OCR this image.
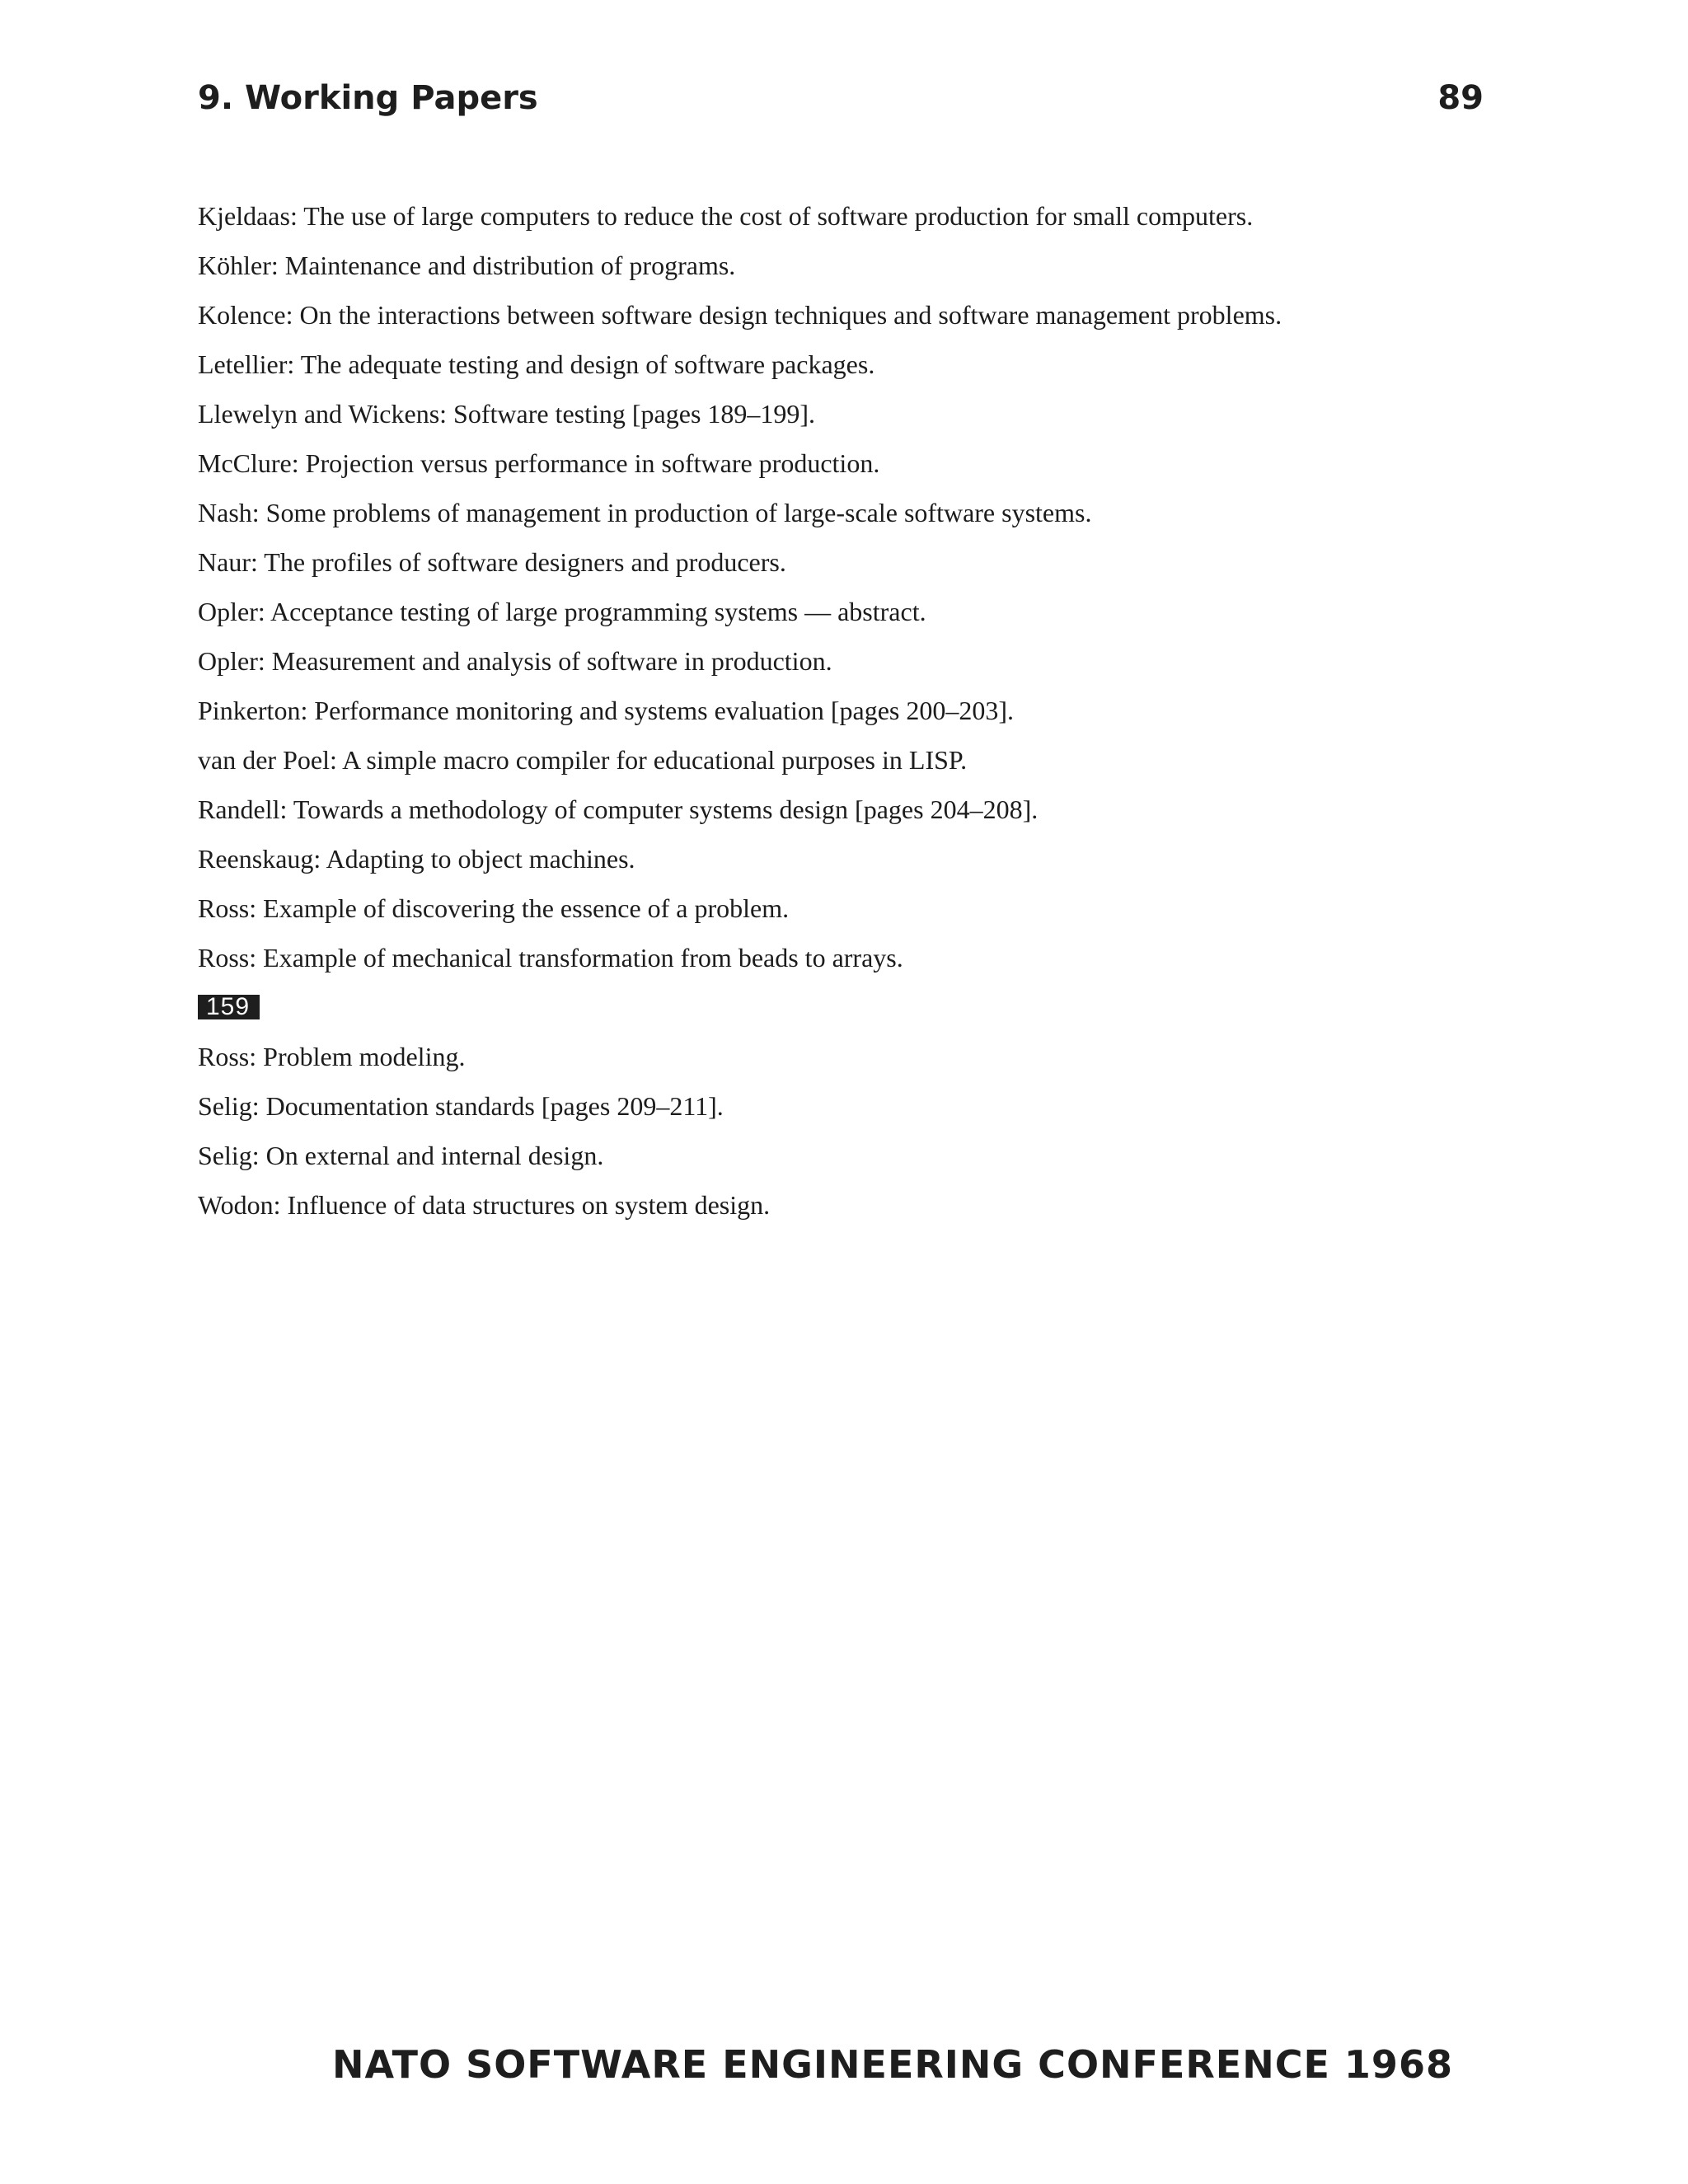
9. Working Papers	89
Kjeldaas: The use of large computers to reduce the cost of software production for small computers.
Köhler: Maintenance and distribution of programs.
Kolence: On the interactions between software design techniques and software management problems.
Letellier: The adequate testing and design of software packages.
Llewelyn and Wickens: Software testing [pages 189–199].
McClure: Projection versus performance in software production.
Nash: Some problems of management in production of large-scale software systems.
Naur: The profiles of software designers and producers.
Opler: Acceptance testing of large programming systems — abstract.
Opler: Measurement and analysis of software in production.
Pinkerton: Performance monitoring and systems evaluation [pages 200–203].
van der Poel: A simple macro compiler for educational purposes in LISP.
Randell: Towards a methodology of computer systems design [pages 204–208].
Reenskaug: Adapting to object machines.
Ross: Example of discovering the essence of a problem.
Ross: Example of mechanical transformation from beads to arrays.
159
Ross: Problem modeling.
Selig: Documentation standards [pages 209–211].
Selig: On external and internal design.
Wodon: Influence of data structures on system design.
NATO SOFTWARE ENGINEERING CONFERENCE 1968
